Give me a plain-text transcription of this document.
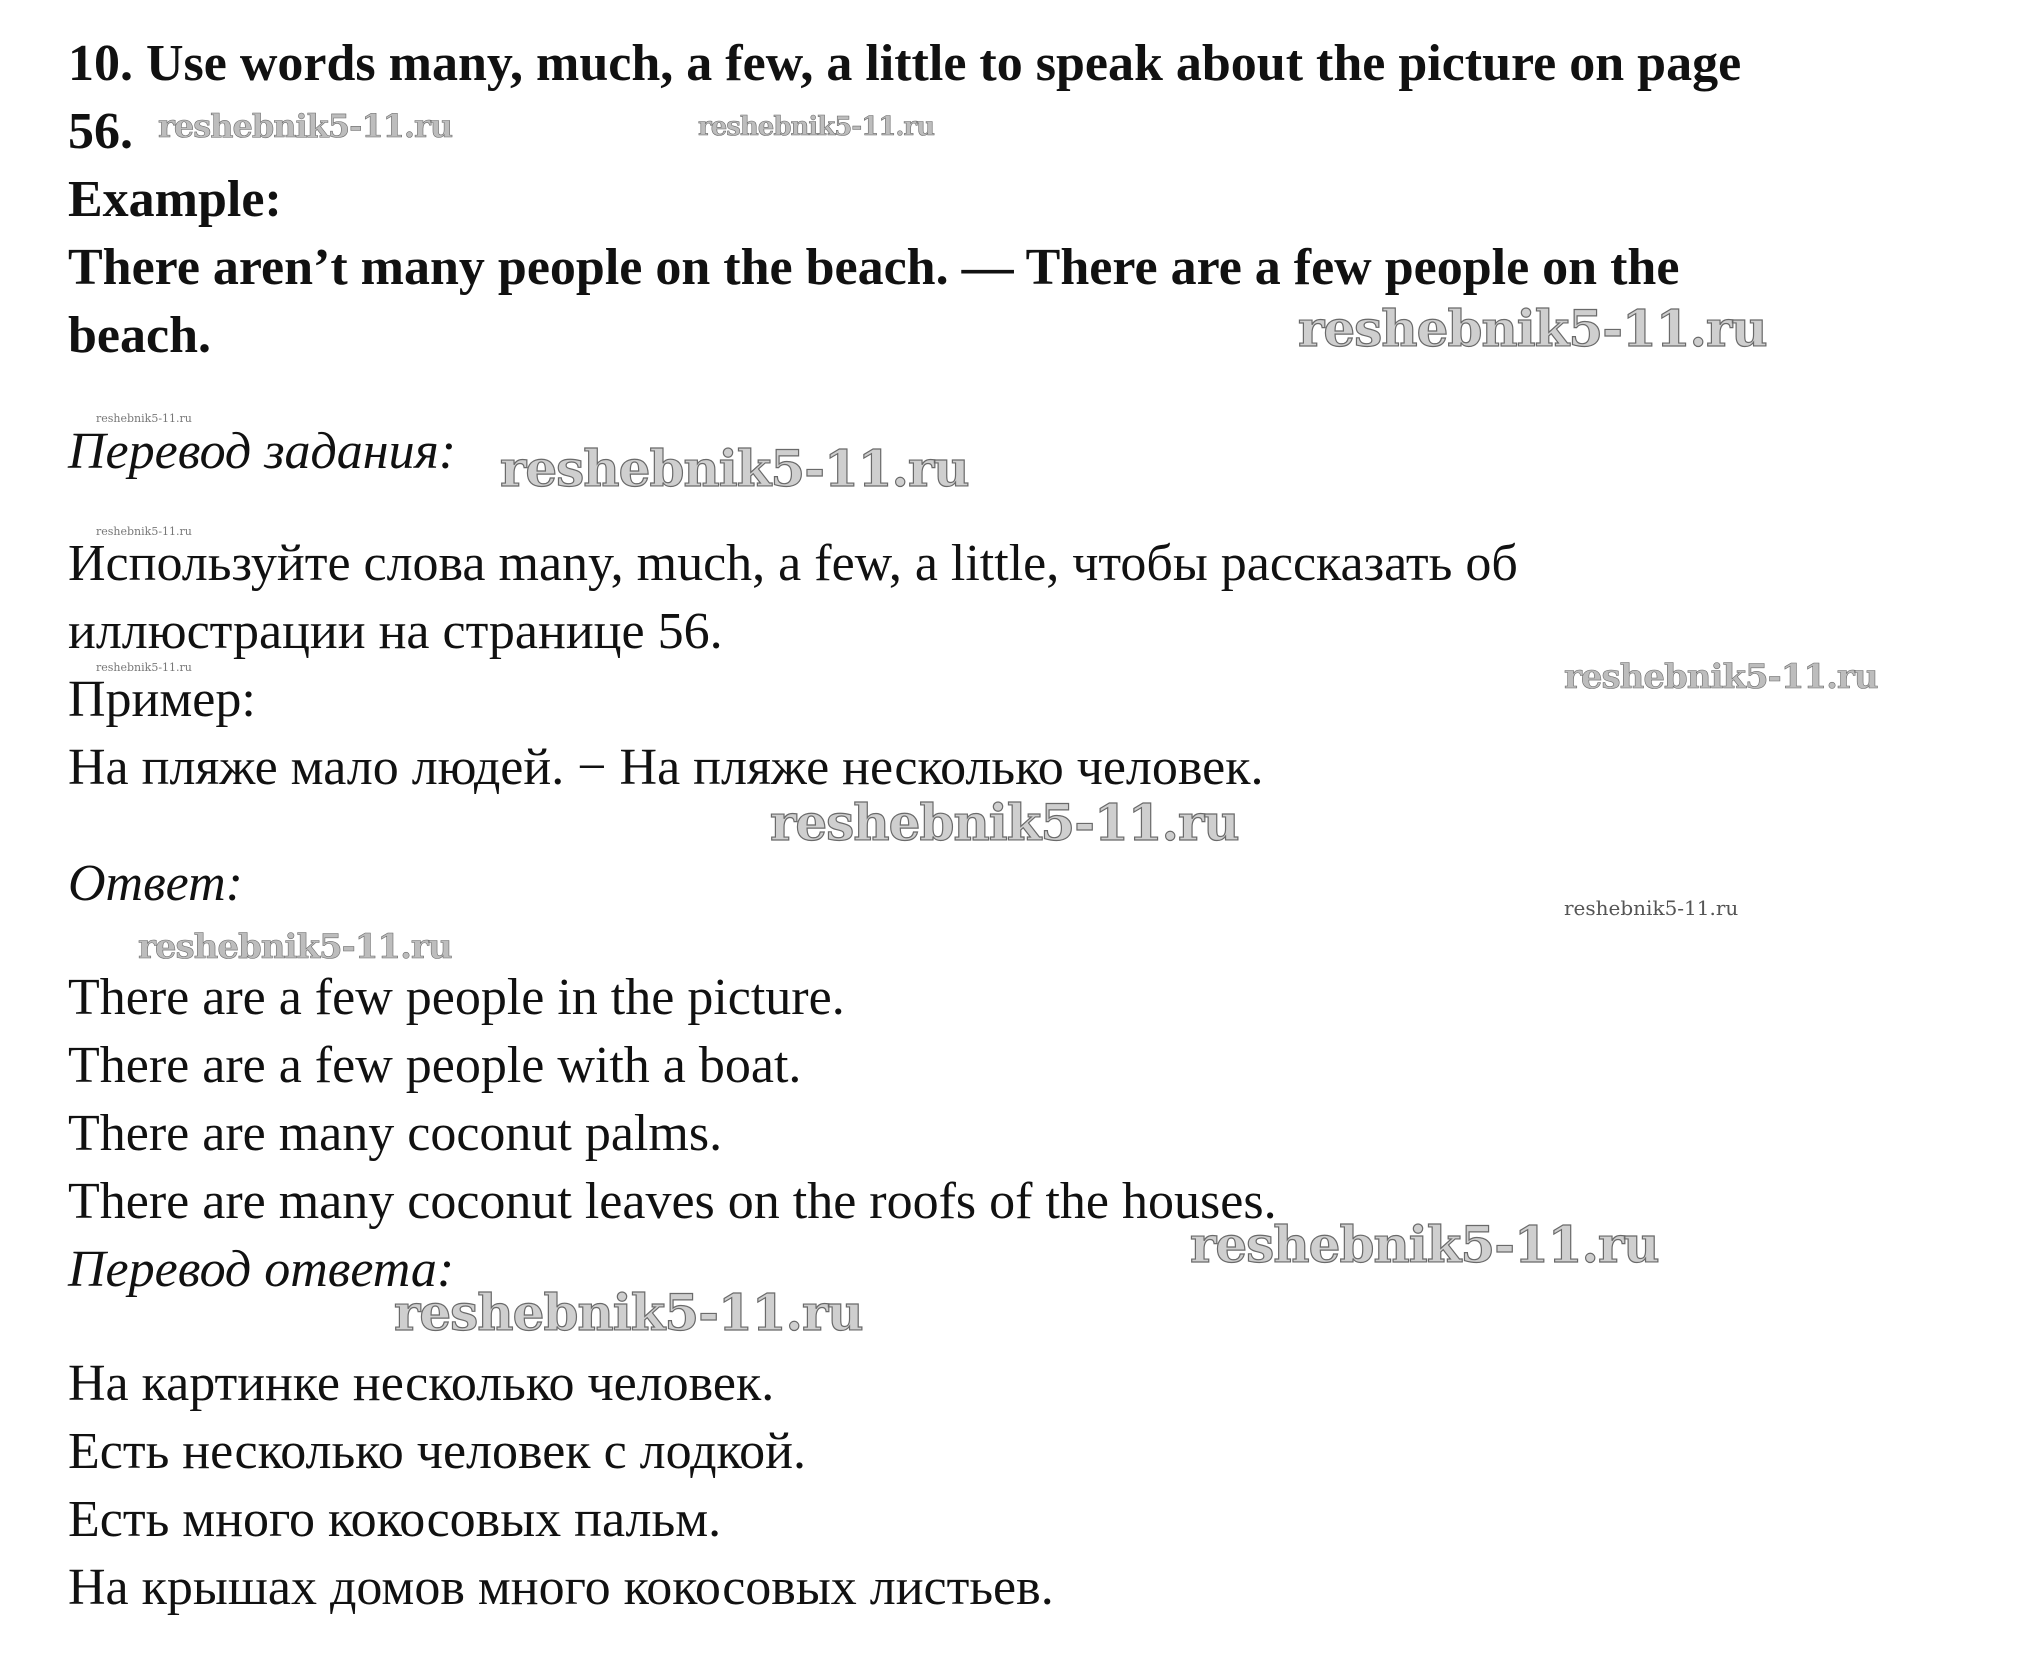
10. Use words many, much, a few, a little to speak about the picture on page
56.
Example:
There aren’t many people on the beach. — There are a few people on the
beach.
Перевод задания:
Используйте слова many, much, a few, a little, чтобы рассказать об
иллюстрации на странице 56.
Пример:
На пляже мало людей. − На пляже несколько человек.
Ответ:
There are a few people in the picture.
There are a few people with a boat.
There are many coconut palms.
There are many coconut leaves on the roofs of the houses.
Перевод ответа:
На картинке несколько человек.
Есть несколько человек с лодкой.
Есть много кокосовых пальм.
На крышах домов много кокосовых листьев.
reshebnik5-11.ru	reshebnik5-11.ru
reshebnik5-11.ru
reshebnik5-11.ru
reshebnik5-11.ru
reshebnik5-11.ru
reshebnik5-11.ru	reshebnik5-11.ru
reshebnik5-11.ru
reshebnik5-11.ru
reshebnik5-11.ru
reshebnik5-11.ru
reshebnik5-11.ru
